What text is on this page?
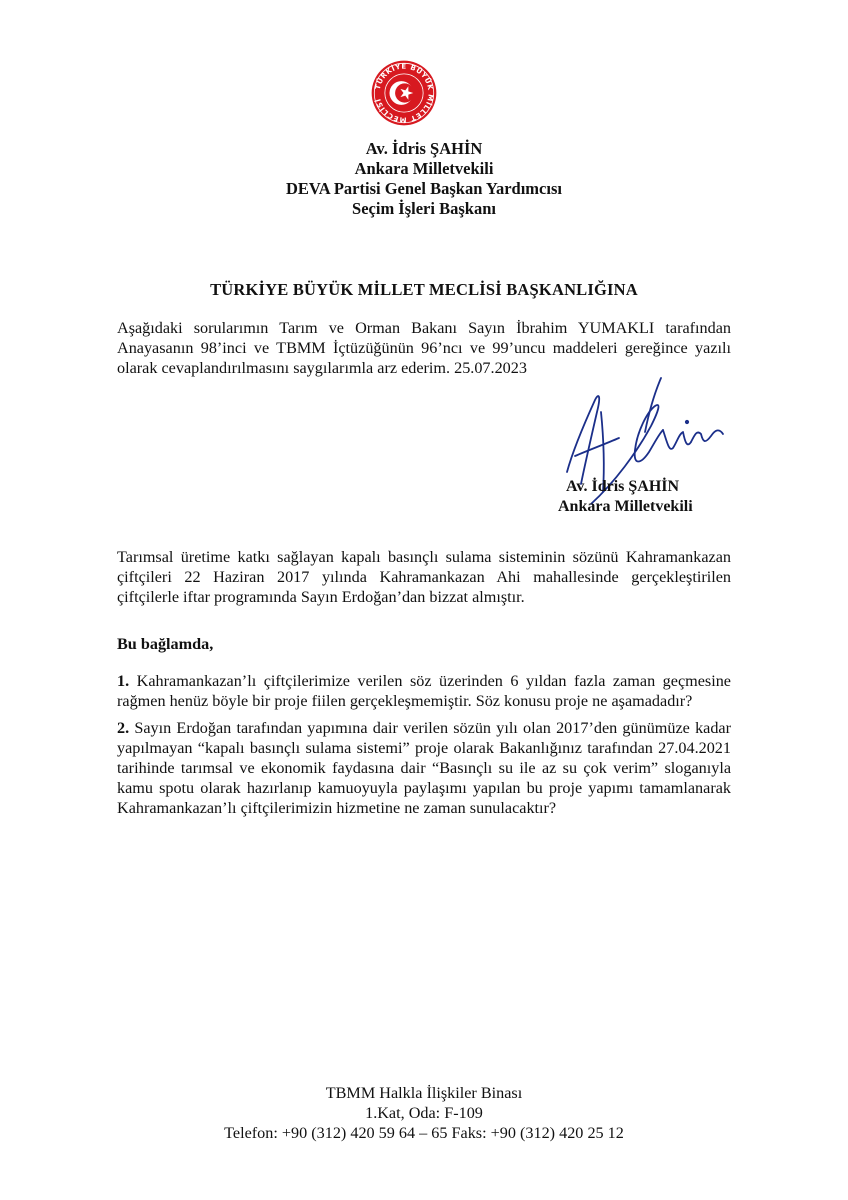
TÜRKİYE BÜYÜK MİLLET MECLİSİ
Av. İdris ŞAHİN
Ankara Milletvekili
DEVA Partisi Genel Başkan Yardımcısı
Seçim İşleri Başkanı
TÜRKİYE BÜYÜK MİLLET MECLİSİ BAŞKANLIĞINA
Aşağıdaki sorularımın Tarım ve Orman Bakanı Sayın İbrahim YUMAKLI tarafından
Anayasanın 98’inci ve TBMM İçtüzüğünün 96’ncı ve 99’uncu maddeleri gereğince yazılı
olarak cevaplandırılmasını saygılarımla arz ederim. 25.07.2023
Av. İdris ŞAHİN
Ankara Milletvekili
Tarımsal üretime katkı sağlayan kapalı basınçlı sulama sisteminin sözünü Kahramankazan
çiftçileri 22 Haziran 2017 yılında Kahramankazan Ahi mahallesinde gerçekleştirilen
çiftçilerle iftar programında Sayın Erdoğan’dan bizzat almıştır.
Bu bağlamda,
1. Kahramankazan’lı çiftçilerimize verilen söz üzerinden 6 yıldan fazla zaman geçmesine
rağmen henüz böyle bir proje fiilen gerçekleşmemiştir. Söz konusu proje ne aşamadadır?
2. Sayın Erdoğan tarafından yapımına dair verilen sözün yılı olan 2017’den günümüze kadar
yapılmayan “kapalı basınçlı sulama sistemi” proje olarak Bakanlığınız tarafından 27.04.2021
tarihinde tarımsal ve ekonomik faydasına dair “Basınçlı su ile az su çok verim” sloganıyla
kamu spotu olarak hazırlanıp kamuoyuyla paylaşımı yapılan bu proje yapımı tamamlanarak
Kahramankazan’lı çiftçilerimizin hizmetine ne zaman sunulacaktır?
TBMM Halkla İlişkiler Binası
1.Kat, Oda: F-109
Telefon: +90 (312) 420 59 64 – 65 Faks: +90 (312) 420 25 12
